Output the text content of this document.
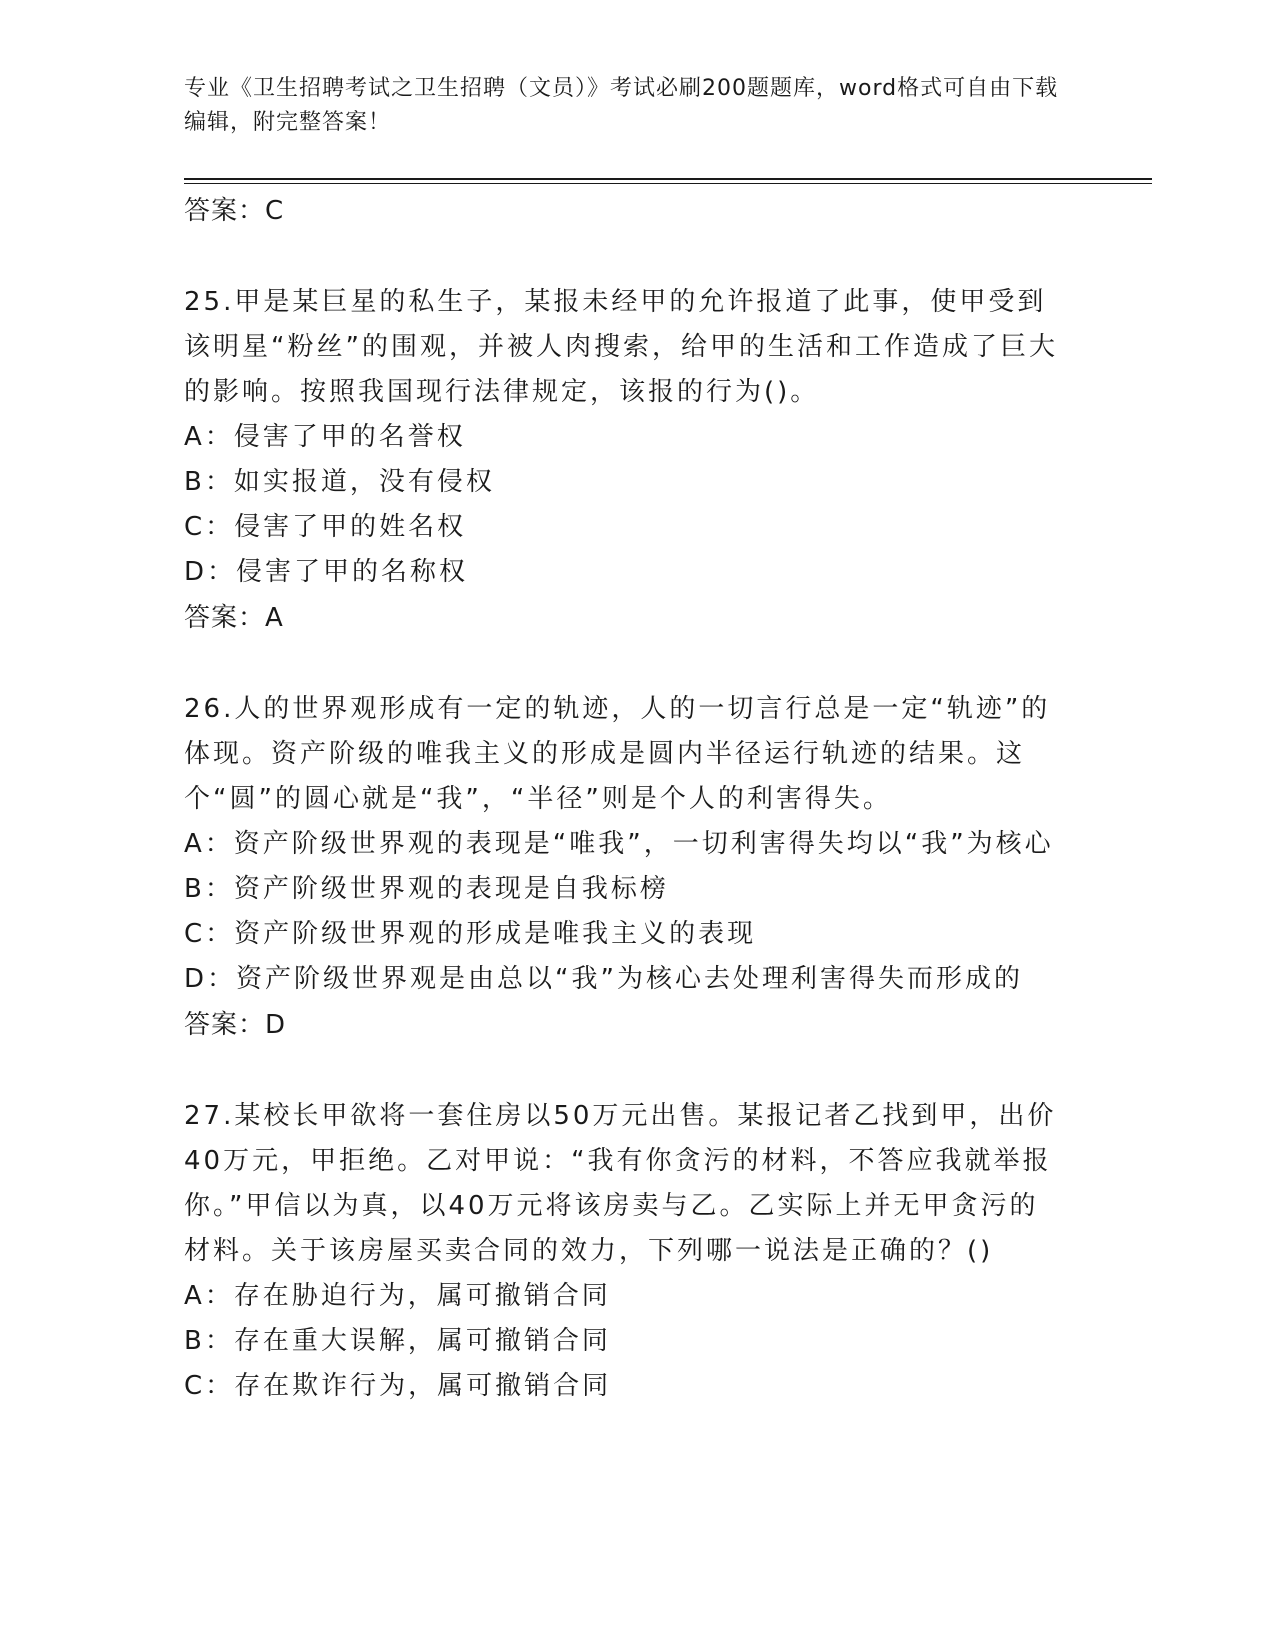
专业《卫生招聘考试之卫生招聘（文员）》考试必刷200题题库，word格式可自由下载编辑，附完整答案！

答案：C

25.甲是某巨星的私生子，某报未经甲的允许报道了此事，使甲受到该明星“粉丝”的围观，并被人肉搜索，给甲的生活和工作造成了巨大的影响。按照我国现行法律规定，该报的行为()。

A：侵害了甲的名誉权

B：如实报道，没有侵权

C：侵害了甲的姓名权

D：侵害了甲的名称权

答案：A

26.人的世界观形成有一定的轨迹，人的一切言行总是一定“轨迹”的体现。资产阶级的唯我主义的形成是圆内半径运行轨迹的结果。这个“圆”的圆心就是“我”，“半径”则是个人的利害得失。

A：资产阶级世界观的表现是“唯我”，一切利害得失均以“我”为核心

B：资产阶级世界观的表现是自我标榜

C：资产阶级世界观的形成是唯我主义的表现

D：资产阶级世界观是由总以“我”为核心去处理利害得失而形成的

答案：D

27.某校长甲欲将一套住房以50万元出售。某报记者乙找到甲，出价40万元，甲拒绝。乙对甲说：“我有你贪污的材料，不答应我就举报你。”甲信以为真，以40万元将该房卖与乙。乙实际上并无甲贪污的材料。关于该房屋买卖合同的效力，下列哪一说法是正确的？()

A：存在胁迫行为，属可撤销合同

B：存在重大误解，属可撤销合同

C：存在欺诈行为，属可撤销合同
